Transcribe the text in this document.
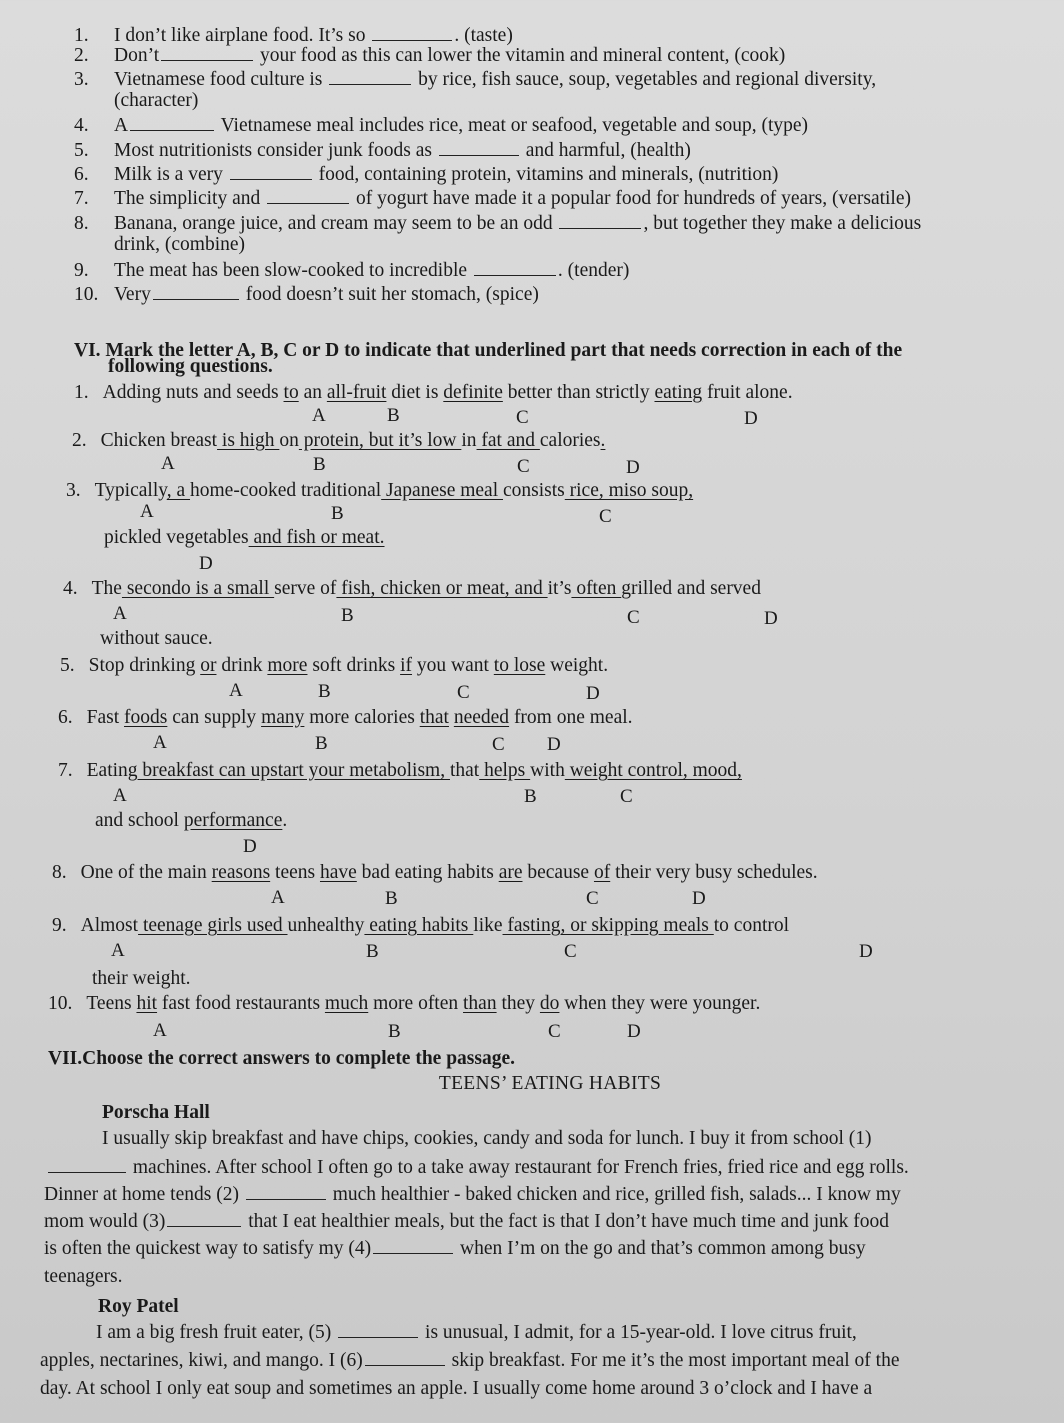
1. I don’t like airplane food. It’s so	. (taste)
2. Don’t	your food as this can lower the vitamin and mineral content, (cook)
3. Vietnamese food culture is	by rice, fish sauce, soup, vegetables and regional diversity,
(character)
4. A	Vietnamese meal includes rice, meat or seafood, vegetable and soup, (type)
5. Most nutritionists consider junk foods as	and harmful, (health)
6. Milk is a very	food, containing protein, vitamins and minerals, (nutrition)
7. The simplicity and	of yogurt have made it a popular food for hundreds of years, (versatile)
8. Banana, orange juice, and cream may seem to be an odd	, but together they make a delicious
drink, (combine)
9. The meat has been slow-cooked to incredible	. (tender)
10. Very	food doesn’t suit her stomach, (spice)
VI. Mark the letter A, B, C or D to indicate that underlined part that needs correction in each of the
following questions.
1. Adding nuts and seeds to an all-fruit diet is definite better than strictly eating fruit alone.
A	B	C	D
2. Chicken breast is high on protein, but it’s low in fat and calories.
A	B	C	D
3. Typically, a home-cooked traditional Japanese meal consists rice, miso soup,
A	B	C
pickled vegetables and fish or meat.
D
4. The secondo is a small serve of fish, chicken or meat, and it’s often grilled and served
A	B	C	D
without sauce.
5. Stop drinking or drink more soft drinks if you want to lose weight.
A	B	C	D
6. Fast foods can supply many more calories that needed from one meal.
A	B	C D
7. Eating breakfast can upstart your metabolism, that helps with weight control, mood,
A	B	C
and school performance.
D
8. One of the main reasons teens have bad eating habits are because of their very busy schedules.
A	B	C	D
9. Almost teenage girls used unhealthy eating habits like fasting, or skipping meals to control
A	B	C	D
their weight.
10. Teens hit fast food restaurants much more often than they do when they were younger.
A	B	C	D
VII.Choose the correct answers to complete the passage.
TEENS’ EATING HABITS
Porscha Hall
I usually skip breakfast and have chips, cookies, candy and soda for lunch. I buy it from school (1)
machines. After school I often go to a take away restaurant for French fries, fried rice and egg rolls.
Dinner at home tends (2)	much healthier - baked chicken and rice, grilled fish, salads... I know my
mom would (3)	that I eat healthier meals, but the fact is that I don’t have much time and junk food
is often the quickest way to satisfy my (4)	when I’m on the go and that’s common among busy
teenagers.
Roy Patel
I am a big fresh fruit eater, (5)	is unusual, I admit, for a 15-year-old. I love citrus fruit,
apples, nectarines, kiwi, and mango. I (6)	skip breakfast. For me it’s the most important meal of the
day. At school I only eat soup and sometimes an apple. I usually come home around 3 o’clock and I have a
